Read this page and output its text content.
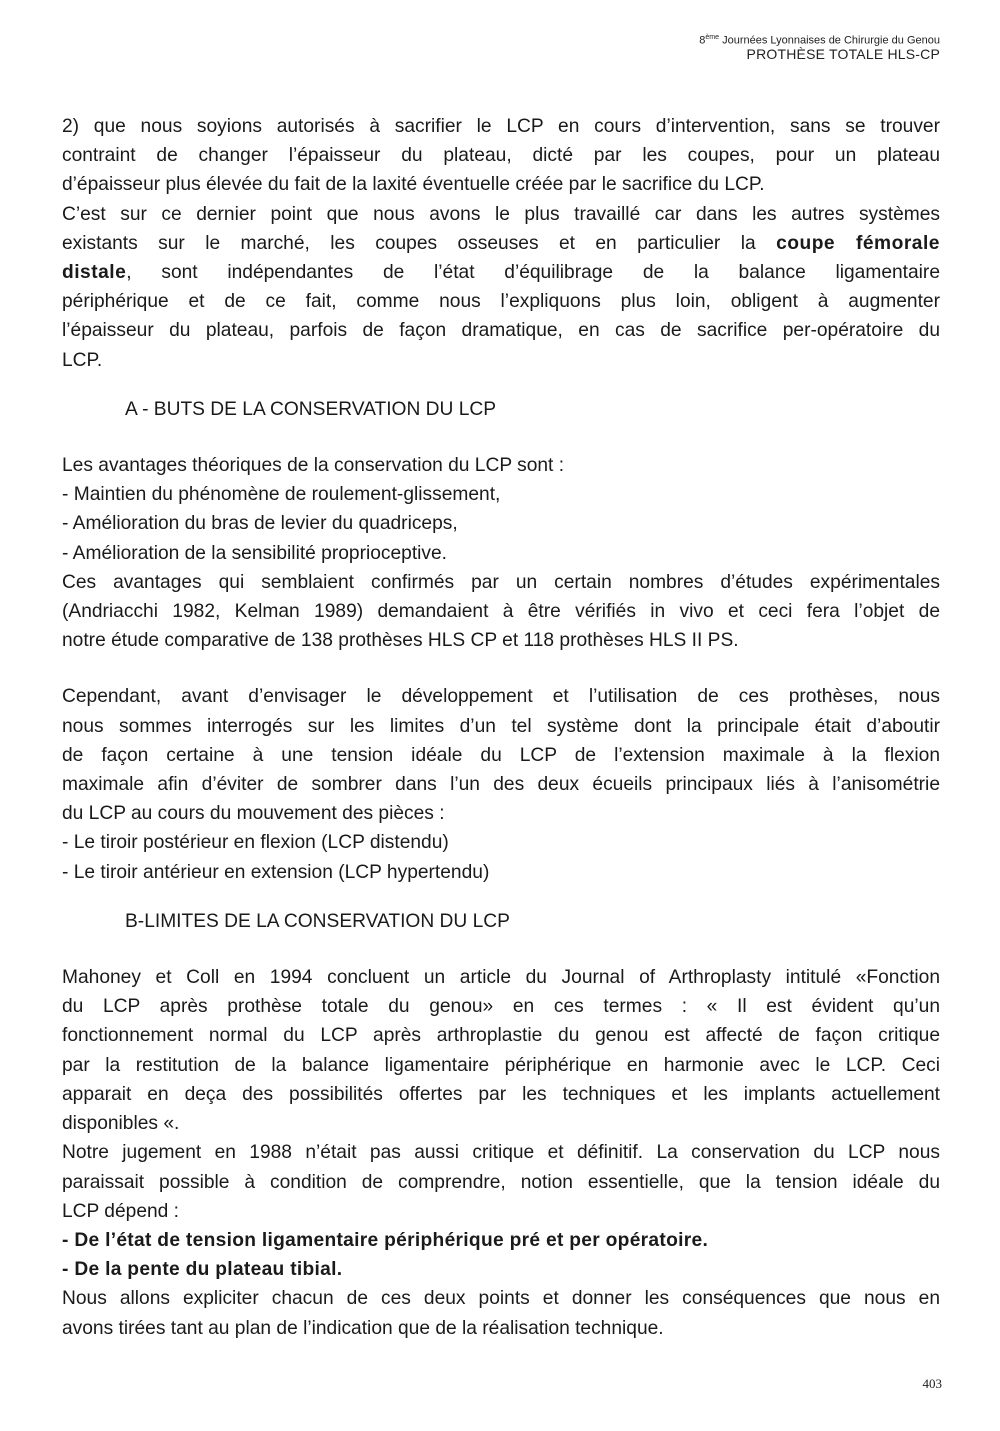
8ème Journées Lyonnaises de Chirurgie du Genou
PROTHÈSE TOTALE HLS-CP
2) que nous soyions autorisés à sacrifier le LCP en cours d’intervention, sans se trouver
contraint de changer l’épaisseur du plateau, dicté par les coupes, pour un plateau
d’épaisseur plus élevée du fait de la laxité éventuelle créée par le sacrifice du LCP.
C’est sur ce dernier point que nous avons le plus travaillé car dans les autres systèmes
existants sur le marché, les coupes osseuses et en particulier la coupe fémorale
distale, sont indépendantes de l’état d’équilibrage de la balance ligamentaire
périphérique et de ce fait, comme nous l’expliquons plus loin, obligent à augmenter
l’épaisseur du plateau, parfois de façon dramatique, en cas de sacrifice per-opératoire du
LCP.

A - BUTS DE LA CONSERVATION DU LCP

Les avantages théoriques de la conservation du LCP sont :
- Maintien du phénomène de roulement-glissement,
- Amélioration du bras de levier du quadriceps,
- Amélioration de la sensibilité proprioceptive.
Ces avantages qui semblaient confirmés par un certain nombres d’études expérimentales
(Andriacchi 1982, Kelman 1989) demandaient à être vérifiés in vivo et ceci fera l’objet de
notre étude comparative de 138 prothèses HLS CP et 118 prothèses HLS II PS.
Cependant, avant d’envisager le développement et l’utilisation de ces prothèses, nous
nous sommes interrogés sur les limites d’un tel système dont la principale était d’aboutir
de façon certaine à une tension idéale du LCP de l’extension maximale à la flexion
maximale afin d’éviter de sombrer dans l’un des deux écueils principaux liés à l’anisométrie
du LCP au cours du mouvement des pièces :
- Le tiroir postérieur en flexion (LCP distendu)
- Le tiroir antérieur en extension (LCP hypertendu)

B-LIMITES DE LA CONSERVATION DU LCP

Mahoney et Coll en 1994 concluent un article du Journal of Arthroplasty intitulé «Fonction
du LCP après prothèse totale du genou» en ces termes : « Il est évident qu’un
fonctionnement normal du LCP après arthroplastie du genou est affecté de façon critique
par la restitution de la balance ligamentaire périphérique en harmonie avec le LCP. Ceci
apparait en deça des possibilités offertes par les techniques et les implants actuellement
disponibles «.
Notre jugement en 1988 n’était pas aussi critique et définitif. La conservation du LCP nous
paraissait possible à condition de comprendre, notion essentielle, que la tension idéale du
LCP dépend :
- De l’état de tension ligamentaire périphérique pré et per opératoire.
- De la pente du plateau tibial.
Nous allons expliciter chacun de ces deux points et donner les conséquences que nous en
avons tirées tant au plan de l’indication que de la réalisation technique.
403
